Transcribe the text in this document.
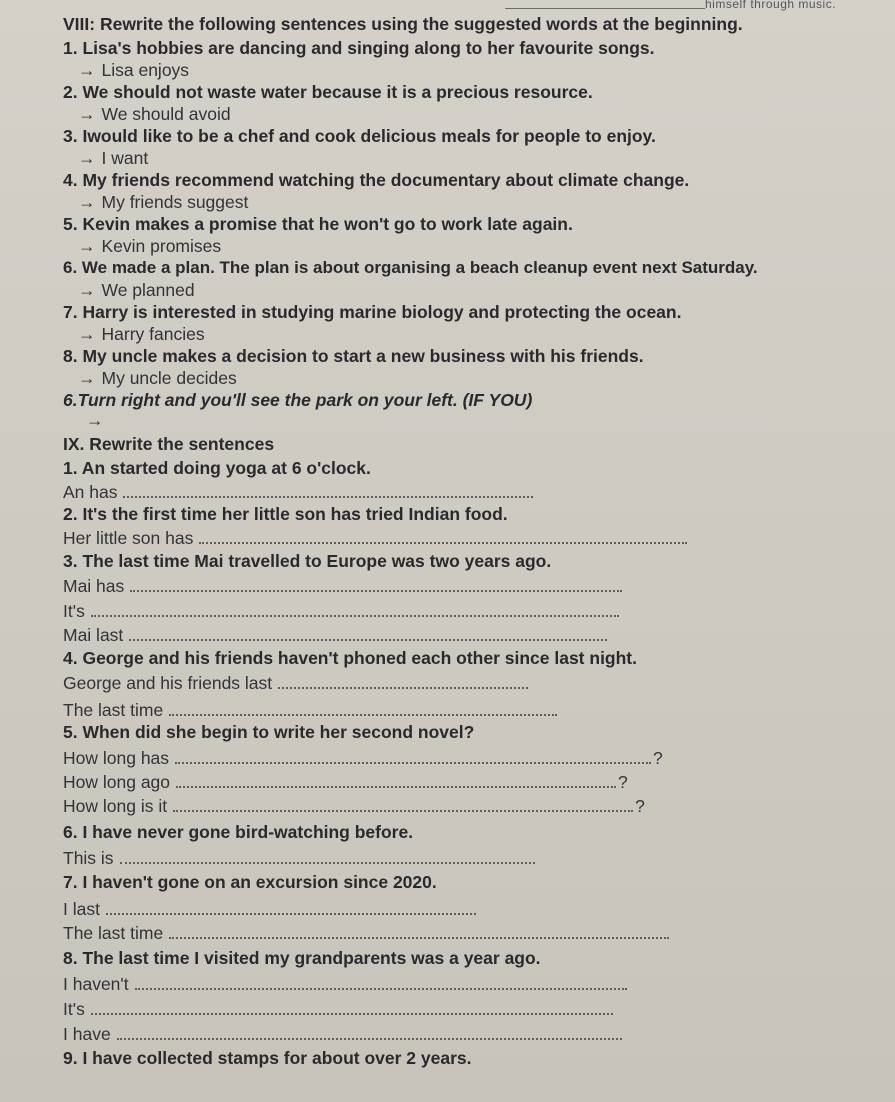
himself through music.
VIII: Rewrite the following sentences using the suggested words at the beginning.
1. Lisa's hobbies are dancing and singing along to her favourite songs.
→ Lisa enjoys
2. We should not waste water because it is a precious resource.
→ We should avoid
3. Iwould like to be a chef and cook delicious meals for people to enjoy.
→ I want
4. My friends recommend watching the documentary about climate change.
→ My friends suggest
5. Kevin makes a promise that he won't go to work late again.
→ Kevin promises
6. We made a plan. The plan is about organising a beach cleanup event next Saturday.
→ We planned
7. Harry is interested in studying marine biology and protecting the ocean.
→ Harry fancies
8. My uncle makes a decision to start a new business with his friends.
→ My uncle decides
6.Turn right and you'll see the park on your left. (IF YOU)
→
IX. Rewrite the sentences
1. An started doing yoga at 6 o'clock.
An has
2. It's the first time her little son has tried Indian food.
Her little son has
3. The last time Mai travelled to Europe was two years ago.
Mai has
It's
Mai last
4. George and his friends haven't phoned each other since last night.
George and his friends last
The last time
5. When did she begin to write her second novel?
How long has	?
How long ago	?
How long is it	?
6. I have never gone bird-watching before.
This is
7. I haven't gone on an excursion since 2020.
I last
The last time
8. The last time I visited my grandparents was a year ago.
I haven't
It's
I have
9. I have collected stamps for about over 2 years.
